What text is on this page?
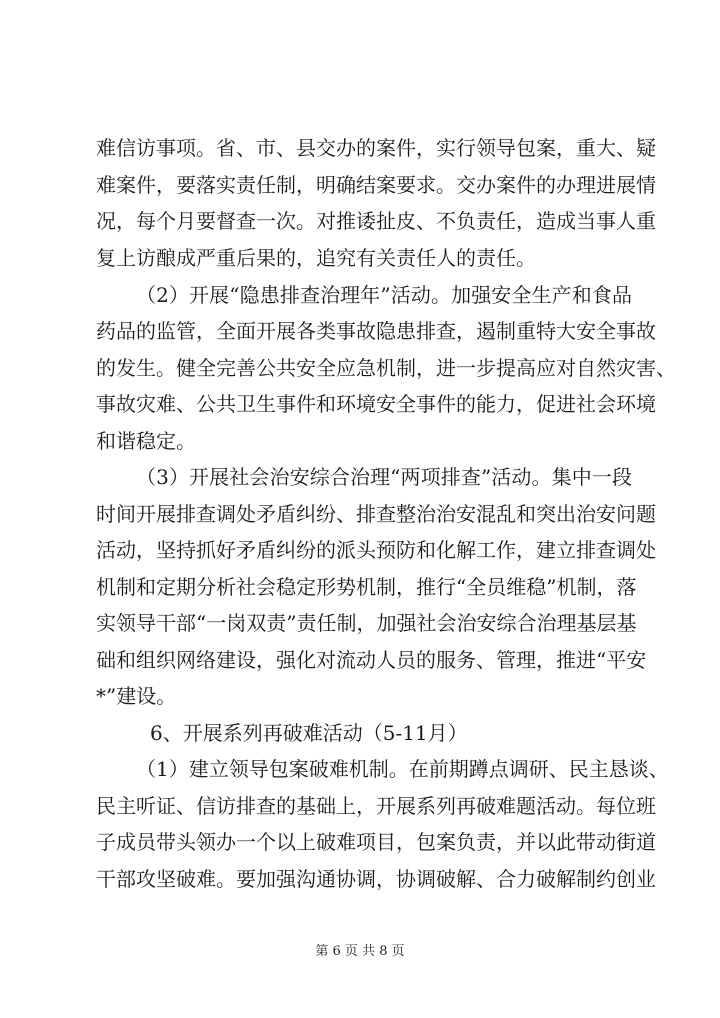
难信访事项。省、市、县交办的案件，实行领导包案，重大、疑
难案件，要落实责任制，明确结案要求。交办案件的办理进展情
况，每个月要督查一次。对推诿扯皮、不负责任，造成当事人重
复上访酿成严重后果的，追究有关责任人的责任。
（2）开展“隐患排查治理年”活动。加强安全生产和食品
药品的监管，全面开展各类事故隐患排查，遏制重特大安全事故
的发生。健全完善公共安全应急机制，进一步提高应对自然灾害、
事故灾难、公共卫生事件和环境安全事件的能力，促进社会环境
和谐稳定。
（3）开展社会治安综合治理“两项排查”活动。集中一段
时间开展排查调处矛盾纠纷、排查整治治安混乱和突出治安问题
活动，坚持抓好矛盾纠纷的派头预防和化解工作，建立排查调处
机制和定期分析社会稳定形势机制，推行“全员维稳”机制，落
实领导干部“一岗双责”责任制，加强社会治安综合治理基层基
础和组织网络建设，强化对流动人员的服务、管理，推进“平安
*”建设。
6、开展系列再破难活动（5-11月）
（1）建立领导包案破难机制。在前期蹲点调研、民主恳谈、
民主听证、信访排查的基础上，开展系列再破难题活动。每位班
子成员带头领办一个以上破难项目，包案负责，并以此带动街道
干部攻坚破难。要加强沟通协调，协调破解、合力破解制约创业
第 6 页 共 8 页
